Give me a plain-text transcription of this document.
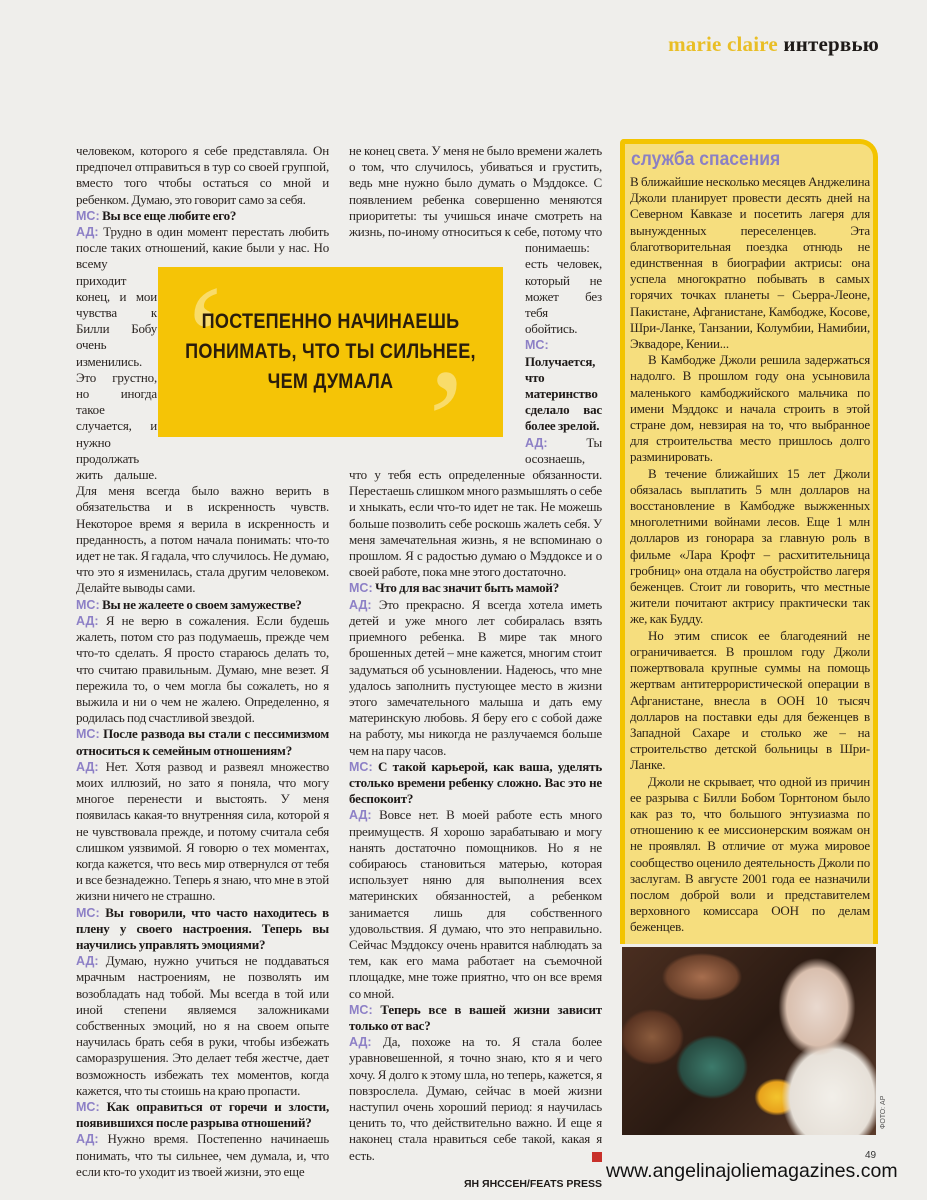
marie claire интервью

человеком, которого я себе представляла. Он предпочел отправиться в тур со своей группой, вместо того чтобы остаться со мной и ребенком. Думаю, это говорит само за себя.

МС: Вы все еще любите его?

АД: Трудно в один момент перестать любить после таких отношений, какие были у нас. Но всему приходит конец, и мои чувства к Билли Бобу очень изменились. Это грустно, но иногда такое случается, и нужно продолжать жить дальше. Для меня всегда было важно верить в обязательства и в искренность чувств. Некоторое время я верила в искренность и преданность, а потом начала понимать: что-то идет не так. Я гадала, что случилось. Не думаю, что это я изменилась, стала другим человеком. Делайте выводы сами.

МС: Вы не жалеете о своем замужестве?

АД: Я не верю в сожаления. Если будешь жалеть, потом сто раз подумаешь, прежде чем что-то сделать. Я просто стараюсь делать то, что считаю правильным. Думаю, мне везет. Я пережила то, о чем могла бы сожалеть, но я выжила и ни о чем не жалею. Определенно, я родилась под счастливой звездой.

МС: После развода вы стали с пессимизмом относиться к семейным отношениям?

АД: Нет. Хотя развод и развеял множество моих иллюзий, но зато я поняла, что могу многое перенести и выстоять. У меня появилась какая-то внутренняя сила, которой я не чувствовала прежде, и потому считала себя слишком уязвимой. Я говорю о тех моментах, когда кажется, что весь мир отвернулся от тебя и все безнадежно. Теперь я знаю, что мне в этой жизни ничего не страшно.

МС: Вы говорили, что часто находитесь в плену у своего настроения. Теперь вы научились управлять эмоциями?

АД: Думаю, нужно учиться не поддаваться мрачным настроениям, не позволять им возобладать над тобой. Мы всегда в той или иной степени являемся заложниками собственных эмоций, но я на своем опыте научилась брать себя в руки, чтобы избежать саморазрушения. Это делает тебя жестче, дает возможность избежать тех моментов, когда кажется, что ты стоишь на краю пропасти.

МС: Как оправиться от горечи и злости, появившихся после разрыва отношений?

АД: Нужно время. Постепенно начинаешь понимать, что ты сильнее, чем думала, и, что если кто-то уходит из твоей жизни, это еще

не конец света. У меня не было времени жалеть о том, что случилось, убиваться и грустить, ведь мне нужно было думать о Мэддоксе. С появлением ребенка совершенно меняются приоритеты: ты учишься иначе смотреть на жизнь, по-иному относиться к себе, потому что понимаешь: есть человек, который не может без тебя обойтись.

МС: Получается, что материнство сделало вас более зрелой.

АД:	Ты осознаешь, что у тебя есть определенные обязанности. Перестаешь слишком много размышлять о себе и хныкать, если что-то идет не так. Не можешь больше позволить себе роскошь жалеть себя. У меня замечательная жизнь, я не вспоминаю о прошлом. Я с радостью думаю о Мэддоксе и о своей работе, пока мне этого достаточно.

МС: Что для вас значит быть мамой?

АД: Это прекрасно. Я всегда хотела иметь детей и уже много лет собиралась взять приемного ребенка. В мире так много брошенных детей – мне кажется, многим стоит задуматься об усыновлении. Надеюсь, что мне удалось заполнить пустующее место в жизни этого замечательного малыша и дать ему материнскую любовь. Я беру его с собой даже на работу, мы никогда не разлучаемся больше чем на пару часов.

МС: С такой карьерой, как ваша, уделять столько времени ребенку сложно. Вас это не беспокоит?

АД: Вовсе нет. В моей работе есть много преимуществ. Я хорошо зарабатываю и могу нанять достаточно помощников. Но я не собираюсь становиться матерью, которая использует няню для выполнения всех материнских обязанностей, а ребенком занимается лишь для собственного удовольствия. Я думаю, что это неправильно. Сейчас Мэддоксу очень нравится наблюдать за тем, как его мама работает на съемочной площадке, мне тоже приятно, что он все время со мной.

МС: Теперь все в вашей жизни зависит только от вас?

АД: Да, похоже на то. Я стала более уравновешенной, я точно знаю, кто я и чего хочу. Я долго к этому шла, но теперь, кажется, я повзрослела. Думаю, сейчас в моей жизни наступил очень хороший период: я научилась ценить то, что действительно важно. И еще я наконец стала нравиться себе такой, какая я есть.

ЯН ЯНССЕН/FEATS PRESS
‘
ПОСТЕПЕННО НАЧИНАЕШЬ ПОНИМАТЬ, ЧТО ТЫ СИЛЬНЕЕ, ЧЕМ ДУМАЛА ’
служба спасения

В ближайшие несколько месяцев Анджелина Джоли планирует провести десять дней на Северном Кавказе и посетить лагеря для вынужденных переселенцев. Эта благотворительная поездка отнюдь не единственная в биографии актрисы: она успела многократно побывать в самых горячих точках планеты – Сьерра-Леоне, Пакистане, Афганистане, Камбодже, Косове, Шри-Ланке, Танзании, Колумбии, Намибии, Эквадоре, Кении...

В Камбодже Джоли решила задержаться надолго. В прошлом году она усыновила маленького камбоджийского мальчика по имени Мэддокс и начала строить в этой стране дом, невзирая на то, что выбранное для строительства место пришлось долго разминировать.

В течение ближайших 15 лет Джоли обязалась выплатить 5 млн долларов на восстановление в Камбодже выжженных многолетними войнами лесов. Еще 1 млн долларов из гонорара за главную роль в фильме «Лара Крофт – расхитительница гробниц» она отдала на обустройство лагеря беженцев. Стоит ли говорить, что местные жители почитают актрису практически так же, как Будду.

Но этим список ее благодеяний не ограничивается. В прошлом году Джоли пожертвовала крупные суммы на помощь жертвам антитеррористической операции в Афганистане, внесла в ООН 10 тысяч долларов на поставки еды для беженцев в Западной Сахаре и столько же – на строительство детской больницы в Шри-Ланке.

Джоли не скрывает, что одной из причин ее разрыва с Билли Бобом Торнтоном было как раз то, что большого энтузиазма по отношению к ее миссионерским вояжам он не проявлял. В отличие от мужа мировое сообщество оценило деятельность Джоли по заслугам. В августе 2001 года ее назначили послом доброй воли и представителем верховного комиссара ООН по делам беженцев.

ФОТО: AP
www.angelinajoliemagazines.com
49
